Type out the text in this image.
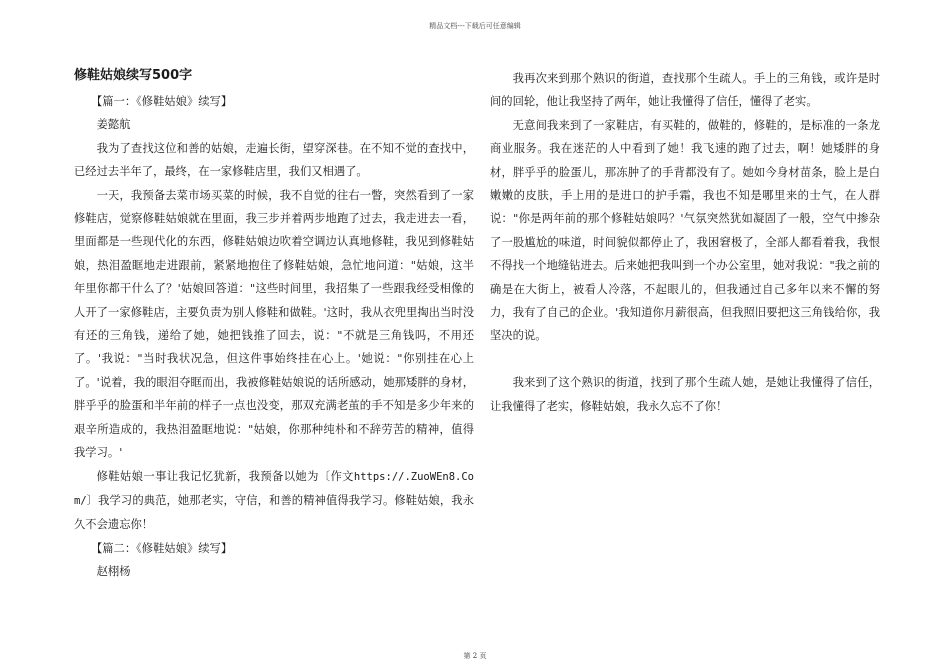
精品文档---下载后可任意编辑
修鞋姑娘续写500字

【篇一：《修鞋姑娘》续写】

姜懿航

我为了查找这位和善的姑娘，走遍长街，望穿深巷。在不知不觉的查找中，已经过去半年了，最终，在一家修鞋店里，我们又相遇了。

一天，我预备去菜市场买菜的时候，我不自觉的往右一瞥，突然看到了一家修鞋店，觉察修鞋姑娘就在里面，我三步并着两步地跑了过去，我走进去一看，里面都是一些现代化的东西，修鞋姑娘边吹着空调边认真地修鞋，我见到修鞋姑娘，热泪盈眶地走进跟前，紧紧地抱住了修鞋姑娘，急忙地问道："姑娘，这半年里你都干什么了？'姑娘回答道："这些时间里，我招集了一些跟我经受相像的人开了一家修鞋店，主要负责为别人修鞋和做鞋。'这时，我从衣兜里掏出当时没有还的三角钱，递给了她，她把钱推了回去，说："不就是三角钱吗，不用还了。'我说："当时我状况急，但这件事始终挂在心上。'她说："你别挂在心上了。'说着，我的眼泪夺眶而出，我被修鞋姑娘说的话所感动，她那矮胖的身材，胖乎乎的脸蛋和半年前的样子一点也没变，那双充满老茧的手不知是多少年来的艰辛所造成的，我热泪盈眶地说："姑娘，你那种纯朴和不辞劳苦的精神，值得我学习。'

修鞋姑娘一事让我记忆犹新，我预备以她为〔作文https://.ZuoWEn8.Com/〕我学习的典范，她那老实，守信，和善的精神值得我学习。修鞋姑娘，我永久不会遗忘你！

【篇二：《修鞋姑娘》续写】

赵栩杨

我再次来到那个熟识的街道，查找那个生疏人。手上的三角钱，或许是时间的回轮，他让我坚持了两年，她让我懂得了信任，懂得了老实。

无意间我来到了一家鞋店，有买鞋的，做鞋的，修鞋的，是标准的一条龙商业服务。我在迷茫的人中看到了她！我飞速的跑了过去，啊！她矮胖的身材，胖乎乎的脸蛋儿，那冻肿了的手背都没有了。她如今身材苗条，脸上是白嫩嫩的皮肤，手上用的是进口的护手霜，我也不知是哪里来的士气，在人群说："你是两年前的那个修鞋姑娘吗？'气氛突然犹如凝固了一般，空气中掺杂了一股尴尬的味道，时间貌似都停止了，我困窘极了，全部人都看着我，我恨不得找一个地缝钻进去。后来她把我叫到一个办公室里，她对我说："我之前的确是在大街上，被看人冷落，不起眼儿的，但我通过自己多年以来不懈的努力，我有了自己的企业。'我知道你月薪很高，但我照旧要把这三角钱给你，我坚决的说。

我来到了这个熟识的街道，找到了那个生疏人她，是她让我懂得了信任，让我懂得了老实，修鞋姑娘，我永久忘不了你！

第 2 页
